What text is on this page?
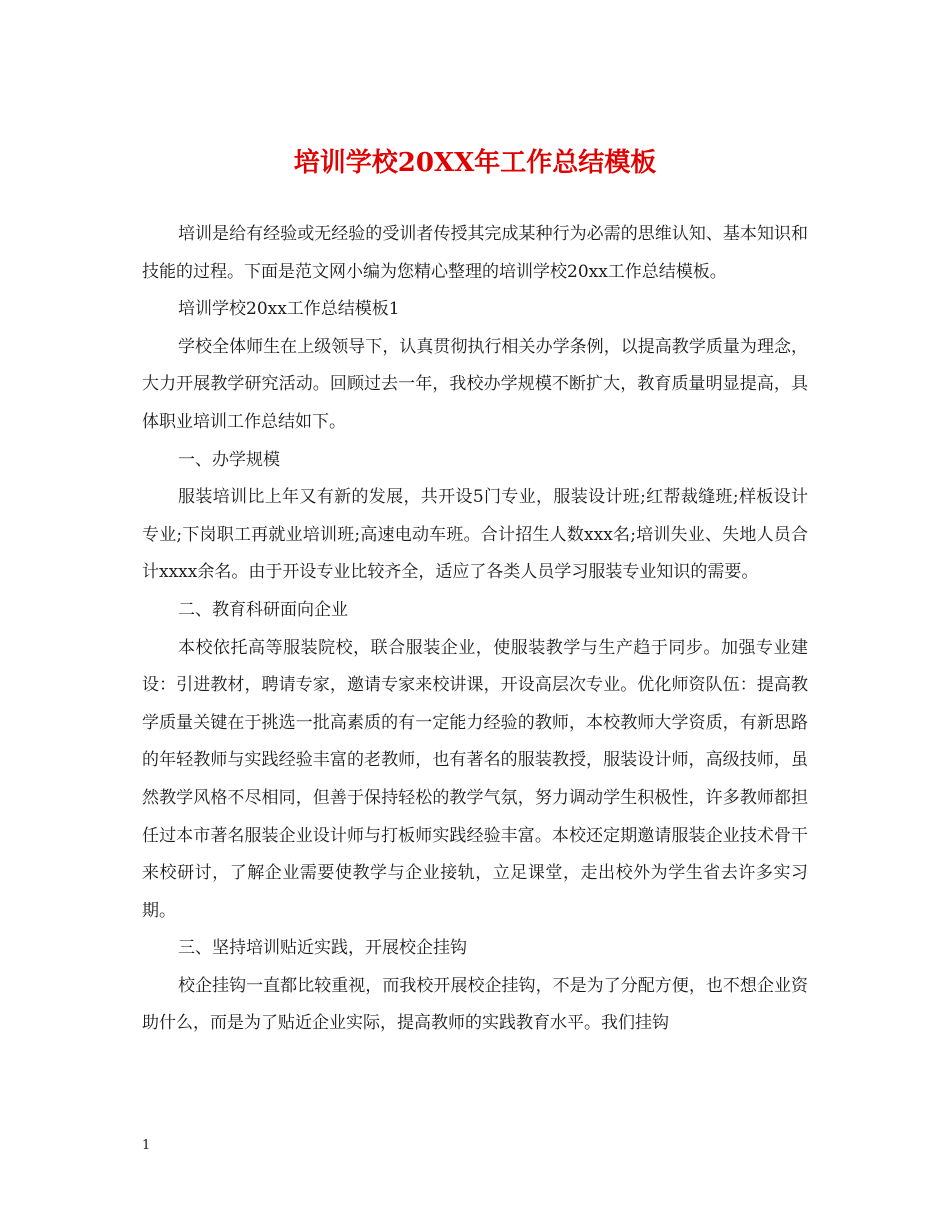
培训学校20XX年工作总结模板

培训是给有经验或无经验的受训者传授其完成某种行为必需的思维认知、基本知识和技能的过程。下面是范文网小编为您精心整理的培训学校20xx工作总结模板。

培训学校20xx工作总结模板1

学校全体师生在上级领导下，认真贯彻执行相关办学条例，以提高教学质量为理念，大力开展教学研究活动。回顾过去一年，我校办学规模不断扩大，教育质量明显提高，具体职业培训工作总结如下。

一、办学规模

服装培训比上年又有新的发展，共开设5门专业，服装设计班;红帮裁缝班;样板设计专业;下岗职工再就业培训班;高速电动车班。合计招生人数xxx名;培训失业、失地人员合计xxxx余名。由于开设专业比较齐全，适应了各类人员学习服装专业知识的需要。

二、教育科研面向企业

本校依托高等服装院校，联合服装企业，使服装教学与生产趋于同步。加强专业建设：引进教材，聘请专家，邀请专家来校讲课，开设高层次专业。优化师资队伍：提高教学质量关键在于挑选一批高素质的有一定能力经验的教师，本校教师大学资质，有新思路的年轻教师与实践经验丰富的老教师，也有著名的服装教授，服装设计师，高级技师，虽然教学风格不尽相同，但善于保持轻松的教学气氛，努力调动学生积极性，许多教师都担任过本市著名服装企业设计师与打板师实践经验丰富。本校还定期邀请服装企业技术骨干来校研讨，了解企业需要使教学与企业接轨，立足课堂，走出校外为学生省去许多实习期。

三、坚持培训贴近实践，开展校企挂钩

校企挂钩一直都比较重视，而我校开展校企挂钩，不是为了分配方便，也不想企业资助什么，而是为了贴近企业实际，提高教师的实践教育水平。我们挂钩

1
